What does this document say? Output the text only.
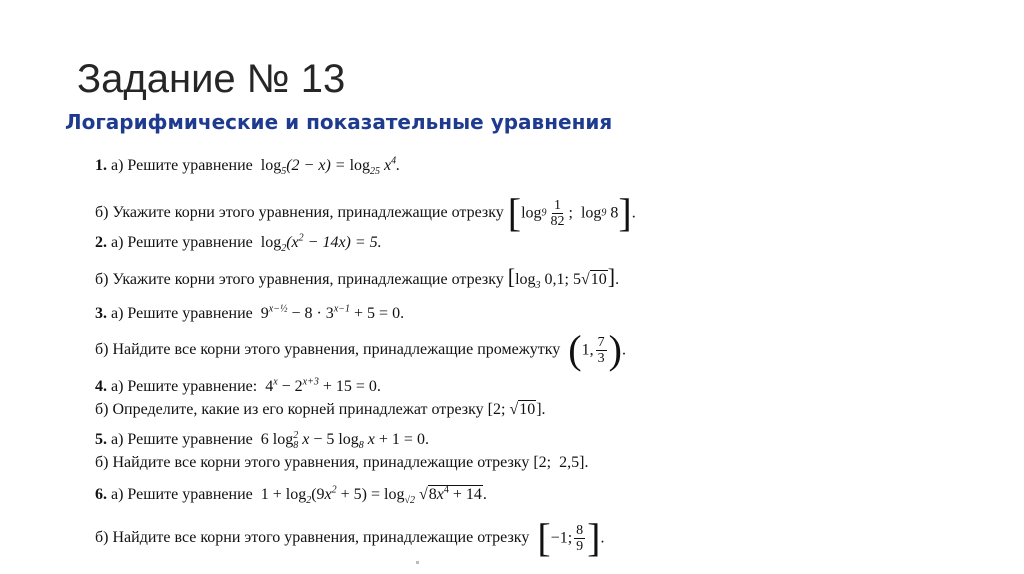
Задание № 13
Логарифмические и показательные уравнения
1. а) Решите уравнение $\log_5(2 - x) = \log_{25} x^4$.
б) Укажите корни этого уравнения, принадлежащие отрезку [$\log 9 \frac{1}{82}$ ;  log9 8].
2. а) Решите уравнение $\log_2(x^2 - 14x) = 5$.
б) Укажите корни этого уравнения, принадлежащие отрезку [$\log_3$ 0,1; 5√10].
3. а) Решите уравнение $9^{x-\frac{1}{2}} - 8 \cdot 3^{x-1} + 5 = 0$.
б) Найдите все корни этого уравнения, принадлежащие промежутку (1, $\frac{7}{3}$ ).
4. а) Решите уравнение: $4^x - 2^{x+3} + 15 = 0$.
б) Определите, какие из его корней принадлежат отрезку [2; √10].
5. а) Решите уравнение 6 $\log_8^2 x - 5$ $\log_8 x + 1 = 0$.
б) Найдите все корни этого уравнения, принадлежащие отрезку [2;  2,5].
6. а) Решите уравнение $1 + \log_2(9x^2 + 5) = \log_{√2} √8x^4 + 14$.
б) Найдите все корни этого уравнения, принадлежащие отрезку [−1; $\frac{8}{9}$ ].
